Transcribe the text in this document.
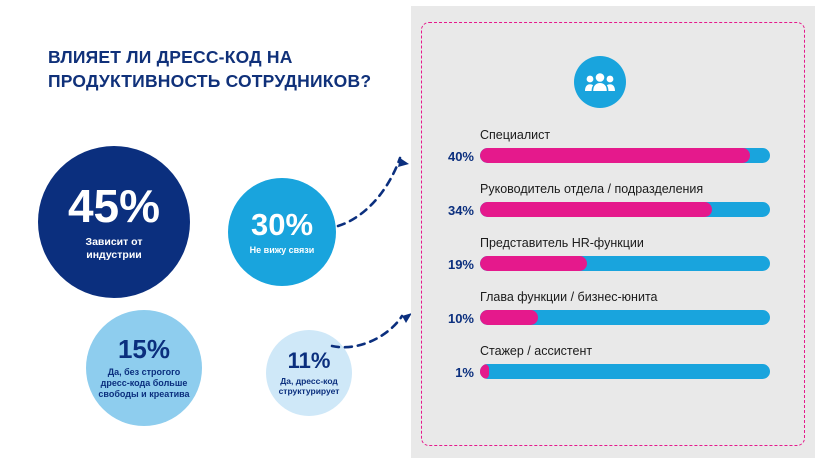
ВЛИЯЕТ ЛИ ДРЕСС-КОД НА ПРОДУКТИВНОСТЬ СОТРУДНИКОВ?
45%
Зависит от индустрии
30%
Не вижу связи
15%
Да, без строгого дресс-кода больше свободы и креатива
11%
Да, дресс-код структурирует
Специалист
40%
Руководитель отдела / подразделения
34%
Представитель HR-функции
19%
Глава функции / бизнес-юнита
10%
Стажер / ассистент
1%
